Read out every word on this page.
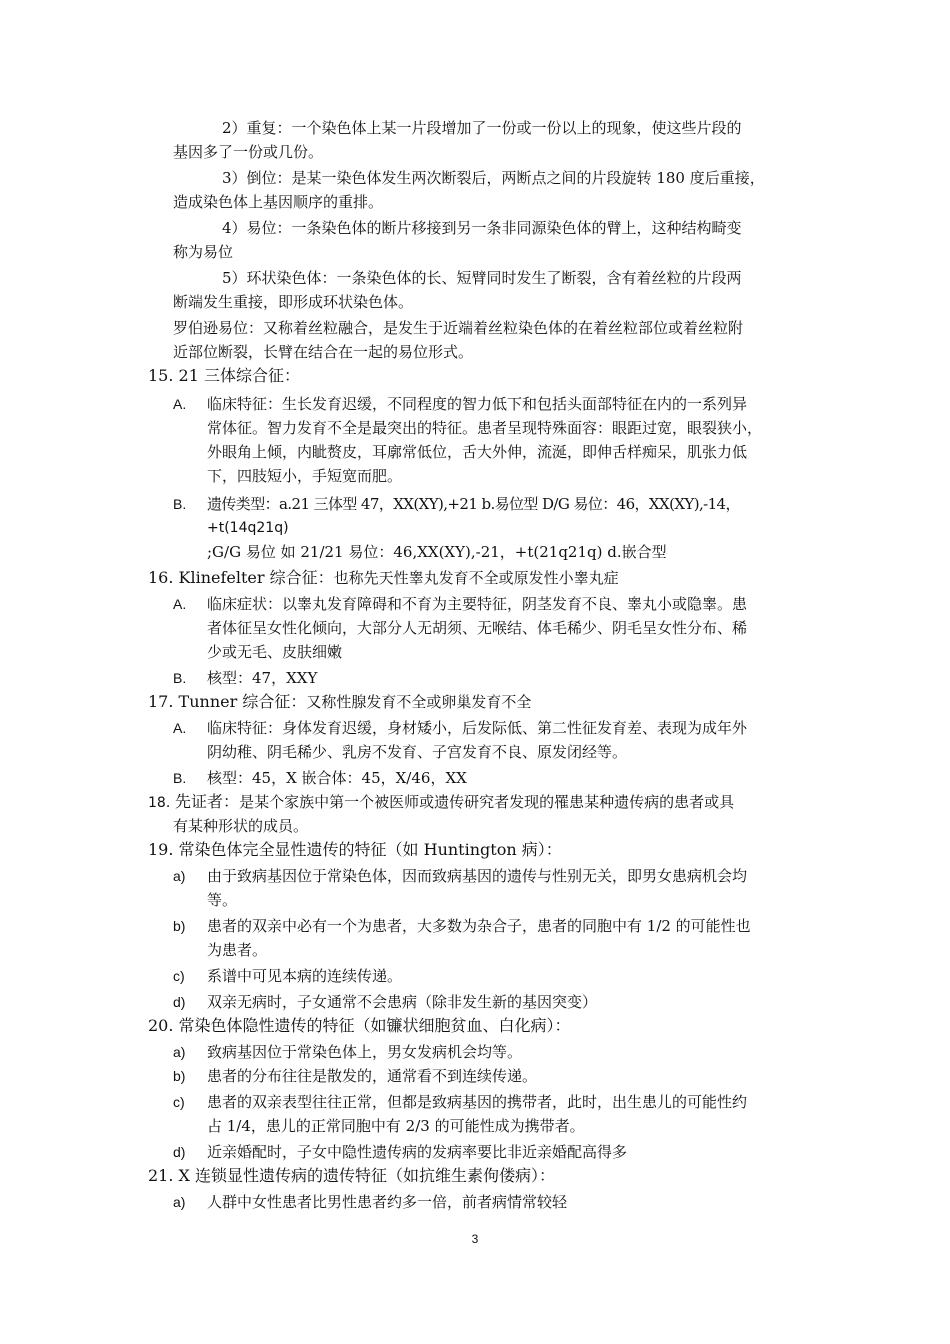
2）重复：一个染色体上某一片段增加了一份或一份以上的现象，使这些片段的
基因多了一份或几份。
3）倒位：是某一染色体发生两次断裂后，两断点之间的片段旋转 180 度后重接，
造成染色体上基因顺序的重排。
4）易位：一条染色体的断片移接到另一条非同源染色体的臂上，这种结构畸变
称为易位
5）环状染色体：一条染色体的长、短臂同时发生了断裂，含有着丝粒的片段两
断端发生重接，即形成环状染色体。
罗伯逊易位：又称着丝粒融合，是发生于近端着丝粒染色体的在着丝粒部位或着丝粒附
近部位断裂，长臂在结合在一起的易位形式。
15. 21 三体综合征：
A. 临床特征：生长发育迟缓，不同程度的智力低下和包括头面部特征在内的一系列异
常体征。智力发育不全是最突出的特征。患者呈现特殊面容：眼距过宽，眼裂狭小，
外眼角上倾，内眦赘皮，耳廓常低位，舌大外伸，流涎，即伸舌样痴呆，肌张力低
下，四肢短小，手短宽而肥。
B. 遗传类型：a.21 三体型 47，XX(XY),+21 b.易位型 D/G 易位：46，XX(XY),-14，
+t(14q21q)
;G/G 易位 如 21/21 易位：46,XX(XY),-21，+t(21q21q) d.嵌合型
16. Klinefelter 综合征：也称先天性睾丸发育不全或原发性小睾丸症
A. 临床症状：以睾丸发育障碍和不育为主要特征，阴茎发育不良、睾丸小或隐睾。患
者体征呈女性化倾向，大部分人无胡须、无喉结、体毛稀少、阴毛呈女性分布、稀
少或无毛、皮肤细嫩
B. 核型：47，XXY
17. Tunner 综合征：又称性腺发育不全或卵巢发育不全
A. 临床特征：身体发育迟缓，身材矮小，后发际低、第二性征发育差、表现为成年外
阴幼稚、阴毛稀少、乳房不发育、子宫发育不良、原发闭经等。
B. 核型：45，X 嵌合体：45，X/46，XX
18. 先证者：是某个家族中第一个被医师或遗传研究者发现的罹患某种遗传病的患者或具
有某种形状的成员。
19. 常染色体完全显性遗传的特征（如 Huntington 病）：
a) 由于致病基因位于常染色体，因而致病基因的遗传与性别无关，即男女患病机会均
等。
b) 患者的双亲中必有一个为患者，大多数为杂合子，患者的同胞中有 1/2 的可能性也
为患者。
c) 系谱中可见本病的连续传递。
d) 双亲无病时，子女通常不会患病（除非发生新的基因突变）
20. 常染色体隐性遗传的特征（如镰状细胞贫血、白化病）：
a) 致病基因位于常染色体上，男女发病机会均等。
b) 患者的分布往往是散发的，通常看不到连续传递。
c) 患者的双亲表型往往正常，但都是致病基因的携带者，此时，出生患儿的可能性约
占 1/4，患儿的正常同胞中有 2/3 的可能性成为携带者。
d) 近亲婚配时，子女中隐性遗传病的发病率要比非近亲婚配高得多
21. X 连锁显性遗传病的遗传特征（如抗维生素佝偻病）：
a) 人群中女性患者比男性患者约多一倍，前者病情常较轻
3
